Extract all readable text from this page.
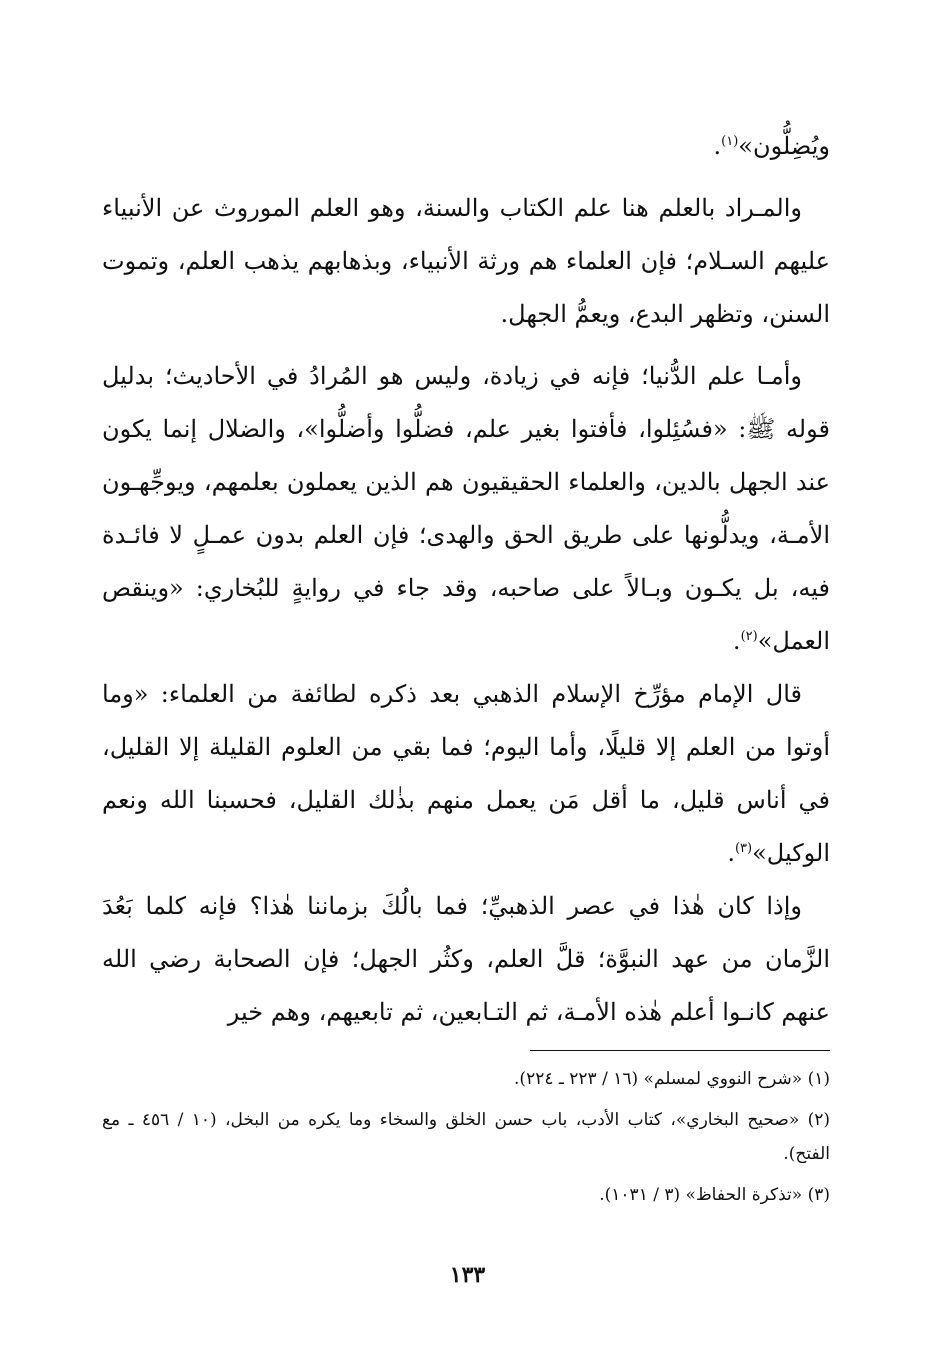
ويُضِلُّون»$^{(١)}$.

والمـراد بالعلم هنا علم الكتاب والسنة، وهو العلم الموروث عن الأنبياء عليهم السـلام؛ فإن العلماء هم ورثة الأنبياء، وبذهابهم يذهب العلم، وتموت السنن، وتظهر البدع، ويعمُّ الجهل.

وأمـا علم الدُّنيا؛ فإنه في زيادة، وليس هو المُرادُ في الأحاديث؛ بدليل قوله ﷺ: «فسُئِلوا، فأفتوا بغير علم، فضلُّوا وأضلُّوا»، والضلال إنما يكون عند الجهل بالدين، والعلماء الحقيقيون هم الذين يعملون بعلمهم، ويوجِّهـون الأمـة، ويدلُّونها على طريق الحق والهدى؛ فإن العلم بدون عمـلٍ لا فائـدة فيه، بل يكـون وبـالاً على صاحبه، وقد جاء في روايةٍ للبُخاري: «وينقص العمل»$^{(٢)}$.

قال الإمام مؤرِّخ الإسلام الذهبي بعد ذكره لطائفة من العلماء: «وما أوتوا من العلم إلا قليلًا، وأما اليوم؛ فما بقي من العلوم القليلة إلا القليل، في أناس قليل، ما أقل مَن يعمل منهم بذٰلك القليل، فحسبنا الله ونعم الوكيل»$^{(٣)}$.

وإذا كان هٰذا في عصر الذهبيِّ؛ فما بالُكَ بزماننا هٰذا؟ فإنه كلما بَعُدَ الزَّمان من عهد النبوَّة؛ قلَّ العلم، وكثُر الجهل؛ فإن الصحابة رضي الله عنهم كانـوا أعلم هٰذه الأمـة، ثم التـابعين، ثم تابعيهم، وهم خير

(١) «شرح النووي لمسلم» (١٦ / ٢٢٣ ـ ٢٢٤).

(٢) «صحيح البخاري»، كتاب الأدب، باب حسن الخلق والسخاء وما يكره من البخل، (١٠ / ٤٥٦ ـ مع الفتح).

(٣) «تذكرة الحفاظ» (٣ / ١٠٣١).

١٣٣
